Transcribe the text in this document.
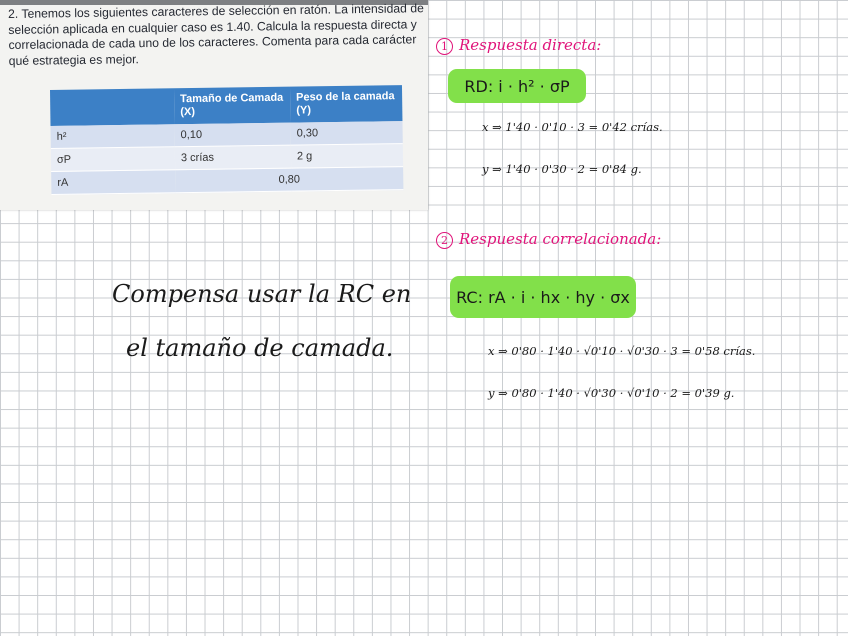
2. Tenemos los siguientes caracteres de selección en ratón. La intensidad de selección aplicada en cualquier caso es 1.40. Calcula la respuesta directa y correlacionada de cada uno de los caracteres. Comenta para cada carácter qué estrategia es mejor.
	Tamaño de Camada (X)	Peso de la camada (Y)
h²	0,10	0,30
σP	3 crías	2 g
rA	0,80	
1 Respuesta directa:
RD: i · h² · σP
x ⇒ 1'40 · 0'10 · 3 = 0'42 crías.
y ⇒ 1'40 · 0'30 · 2 = 0'84 g.
2 Respuesta correlacionada:
RC: rA · i · hx · hy · σx
x ⇒ 0'80 · 1'40 · √0'10 · √0'30 · 3 = 0'58 crías.
y ⇒ 0'80 · 1'40 · √0'30 · √0'10 · 2 = 0'39 g.
Compensa usar la RC en
el tamaño de camada.
